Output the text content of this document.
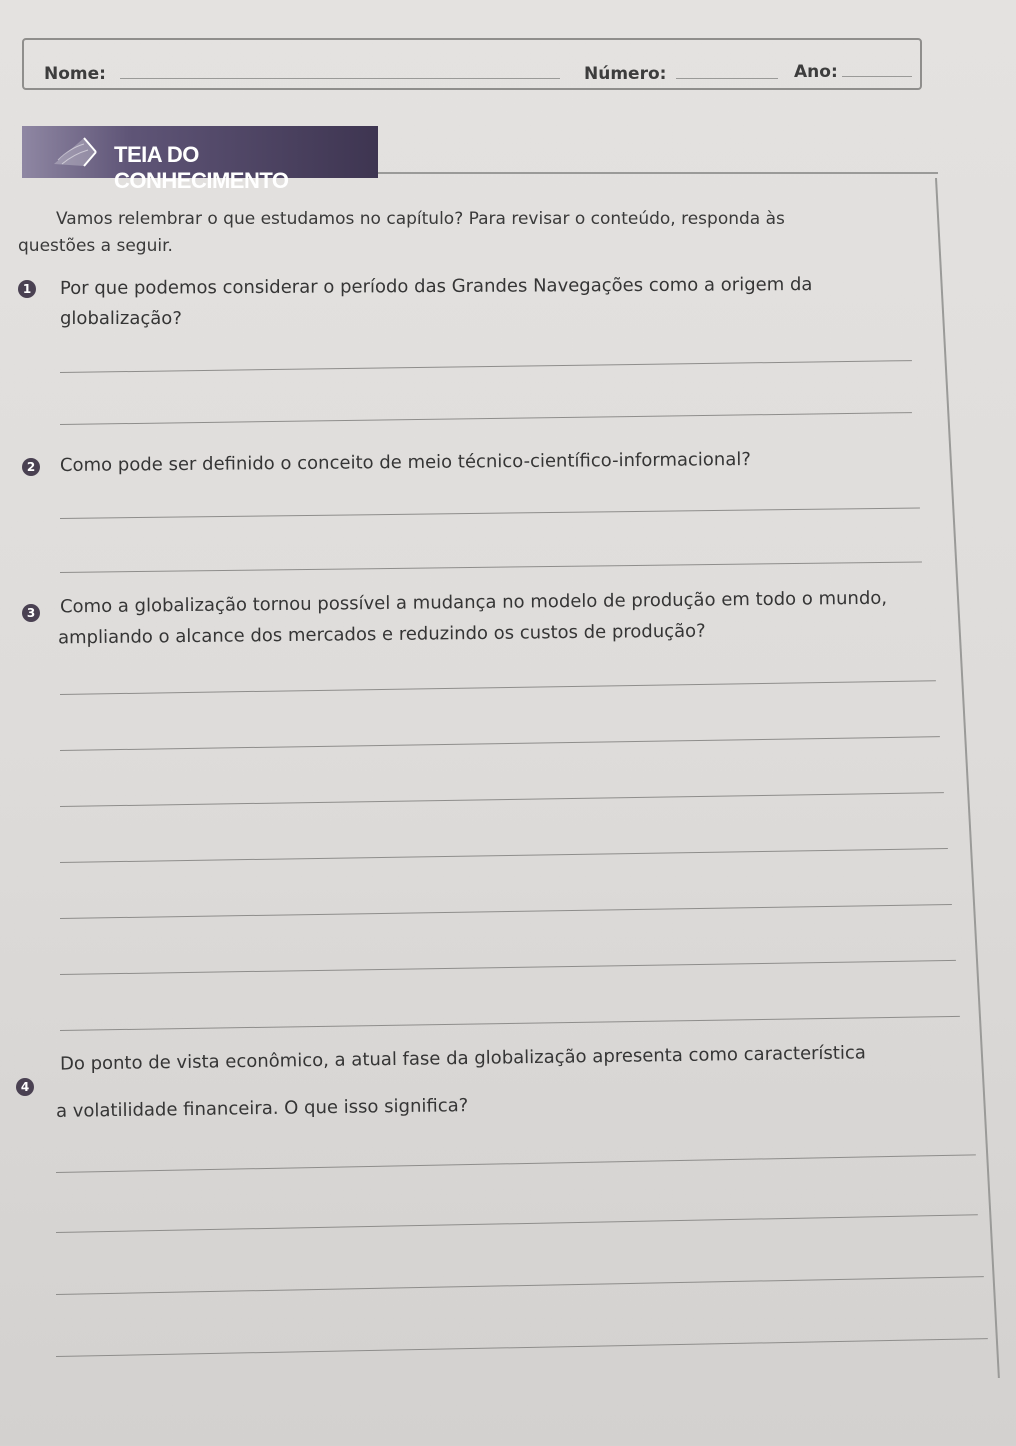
Nome:	Número:	Ano:
TEIA DO CONHECIMENTO
Vamos relembrar o que estudamos no capítulo? Para revisar o conteúdo, responda às
questões a seguir.
1 Por que podemos considerar o período das Grandes Navegações como a origem da
globalização?
2 Como pode ser definido o conceito de meio técnico-científico-informacional?
3 Como a globalização tornou possível a mudança no modelo de produção em todo o mundo,
ampliando o alcance dos mercados e reduzindo os custos de produção?
4
Do ponto de vista econômico, a atual fase da globalização apresenta como característica
a volatilidade financeira. O que isso significa?
